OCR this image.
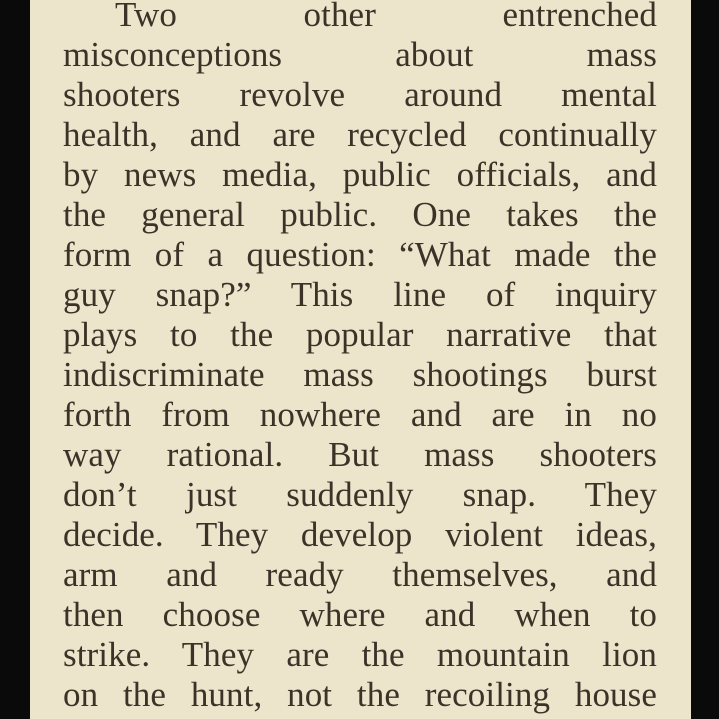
Two other entrenched
misconceptions about mass
shooters revolve around mental
health, and are recycled continually
by news media, public officials, and
the general public. One takes the
form of a question: “What made the
guy snap?” This line of inquiry
plays to the popular narrative that
indiscriminate mass shootings burst
forth from nowhere and are in no
way rational. But mass shooters
don’t just suddenly snap. They
decide. They develop violent ideas,
arm and ready themselves, and
then choose where and when to
strike. They are the mountain lion
on the hunt, not the recoiling house
